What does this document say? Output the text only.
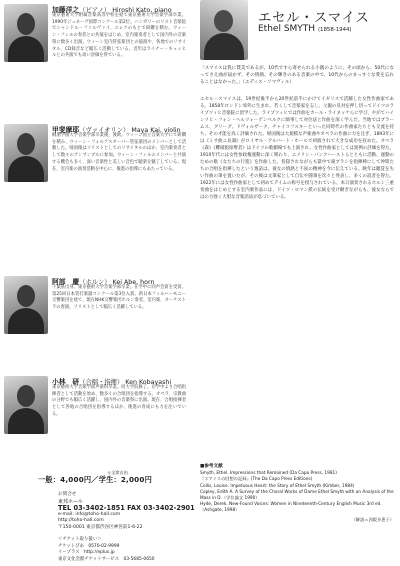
加藤洋之（ピアノ） Hiroshi Kato, piano

東京藝術大学附属音楽高等学校を経て東京藝術大学音楽学部卒業。1990年ジュネーヴ国際コンクール第2位。ハンガリーのリスト音楽院でシャンドル・ファルヴァイ、エレクのもとで研鑽を積む。ウィーン・フィルの奏者との共演をはじめ、室内楽奏者として国内外の音楽祭に数多く出演。ウィーン室内管弦楽団との協演や、各地でのリサイタル、CD録音など幅広く活動している。近年はライナー・キュッヒルとの共演でも高い評価を得ている。

甲斐摩耶（ヴァイオリン） Maya Kai, violin

桐朋学園大学音楽学部卒業後、渡欧。ウィーン国立音楽大学にて研鑽を積み、ウィーン・フォルクスオーパー管弦楽団のメンバーとして活動した。帰国後はソリストとしてのリサイタルのほか、室内楽奏者として数々のアンサンブルに参加。ウィーン・フィルのメンバーと共演する機会も多く、深い音楽性と美しい音色で聴衆を魅了している。現在、室内楽の演奏活動を中心に、後進の指導にもあたっている。

阿部　慶（ホルン） Kei Abe, horn

千葉県出身。東京藝術大学音楽学部卒業。在学中に同声会賞を受賞。第25回日本管打楽器コンクール第3位入賞。新日本フィルハーモニー交響楽団を経て、現在NHK交響楽団ホルン奏者。室内楽、オーケストラの客演、ソリストとして幅広く活躍している。

小林　研（合唱・指揮） Ken Kobayashi

東京藝術大学音楽学部声楽科卒業。同大学院修了。在学中より合唱指揮者として活動を始め、数多くの合唱団を指導する。オペラ、宗教曲の分野でも幅広く活躍し、国内外の音楽祭に出演。現在、合唱指揮者として各地の合唱団を指導するほか、後進の育成にも力を注いでいる。

＊全席自由
一般：4,000円／学生：2,000円
お問合せ
東邦ホール
TEL 03-3402-1851 FAX 03-3402-2901
e-mail: info@toho-hall.com
http://toho-hall.com
〒150-0001 東京都渋谷区神宮前1-6-22
＜チケット取り扱い＞
チケットぴあ　0570-02-9999
イープラス　http://eplus.jp
東京文化会館チケットサービス　03-5685-0650
エセル・スマイス
Ethel SMYTH (1858-1944)

「スマイスは我に賛美であるが、10代ですら寄せられる小銭のように、その頃から、50代になってさえ曲が届かず、その情熱、その輝きのある音楽の中で、10代からのまっすぐな愛を忘れることはなかった。」（エディス・ソマヴィル）

エセル・スマイスは、19世紀後半から20世紀前半にかけてイギリスで活躍した女性作曲家である。1858年ロンドン郊外に生まれ、若くして音楽家を志し、父親の反対を押し切ってドイツのライプツィヒ音楽院に留学した。ライプツィヒでは作曲をカール・ライネッケらに学び、やがてハインリヒ・フォン・ヘルツォーゲンベルクに師事して対位法と作曲を深く学んだ。当地ではブラームス、グリーグ、ドヴォルザーク、チャイコフスキーといった同時代の作曲家たちとも交流を持ち、その才能を高く評価された。帰国後は大規模な声楽曲やオペラの作曲に力を注ぎ、1893年には《ミサ曲ニ長調》がロイヤル・アルバート・ホールで初演されて大きな成功を収めた。オペラ《森》《難破船掠奪者》はドイツの歌劇場でも上演され、女性作曲家としては異例の評価を得た。1910年代には女性参政権運動に深く関わり、エメリン・パンクハーストらとともに活動、運動のための歌《女たちの行進》を作曲した。投獄されながらも獄中で歯ブラシを指揮棒にして仲間たちの合唱を指揮したという逸話は、彼女の情熱と不屈の精神を今に伝えている。晩年は聴覚を失い作曲の筆を置いたが、その後は文筆家として自伝や随筆を次々と発表し、多くの読者を得た。1922年には女性作曲家として初めてデイムの称号を授与されている。本日演奏されるホルン三重奏曲をはじめとする室内楽作品には、ドイツ・ロマン派の伝統を受け継ぎながらも、彼女ならではの力強く大胆な音楽語法が息づいている。

■参考文献

Smyth, Ethel. Impressions that Remained (Da Capo Press, 1981)

『スマイスの回想の記録』(The Da Capo Press Editions)

Collis, Louise. Impetuous Heart: the Story of Ethel Smyth (Kimber, 1984)

Copley, Edith A. A Survey of the Choral Works of Dame Ethel Smyth with an Analysis of the Mass in D.（学位論文 1990）

Hyde, Derek. New-Found Voices: Women in Nineteenth-Century English Music 3rd ed.（Ashgate, 1998）

（解説＝西阪多恵子）
